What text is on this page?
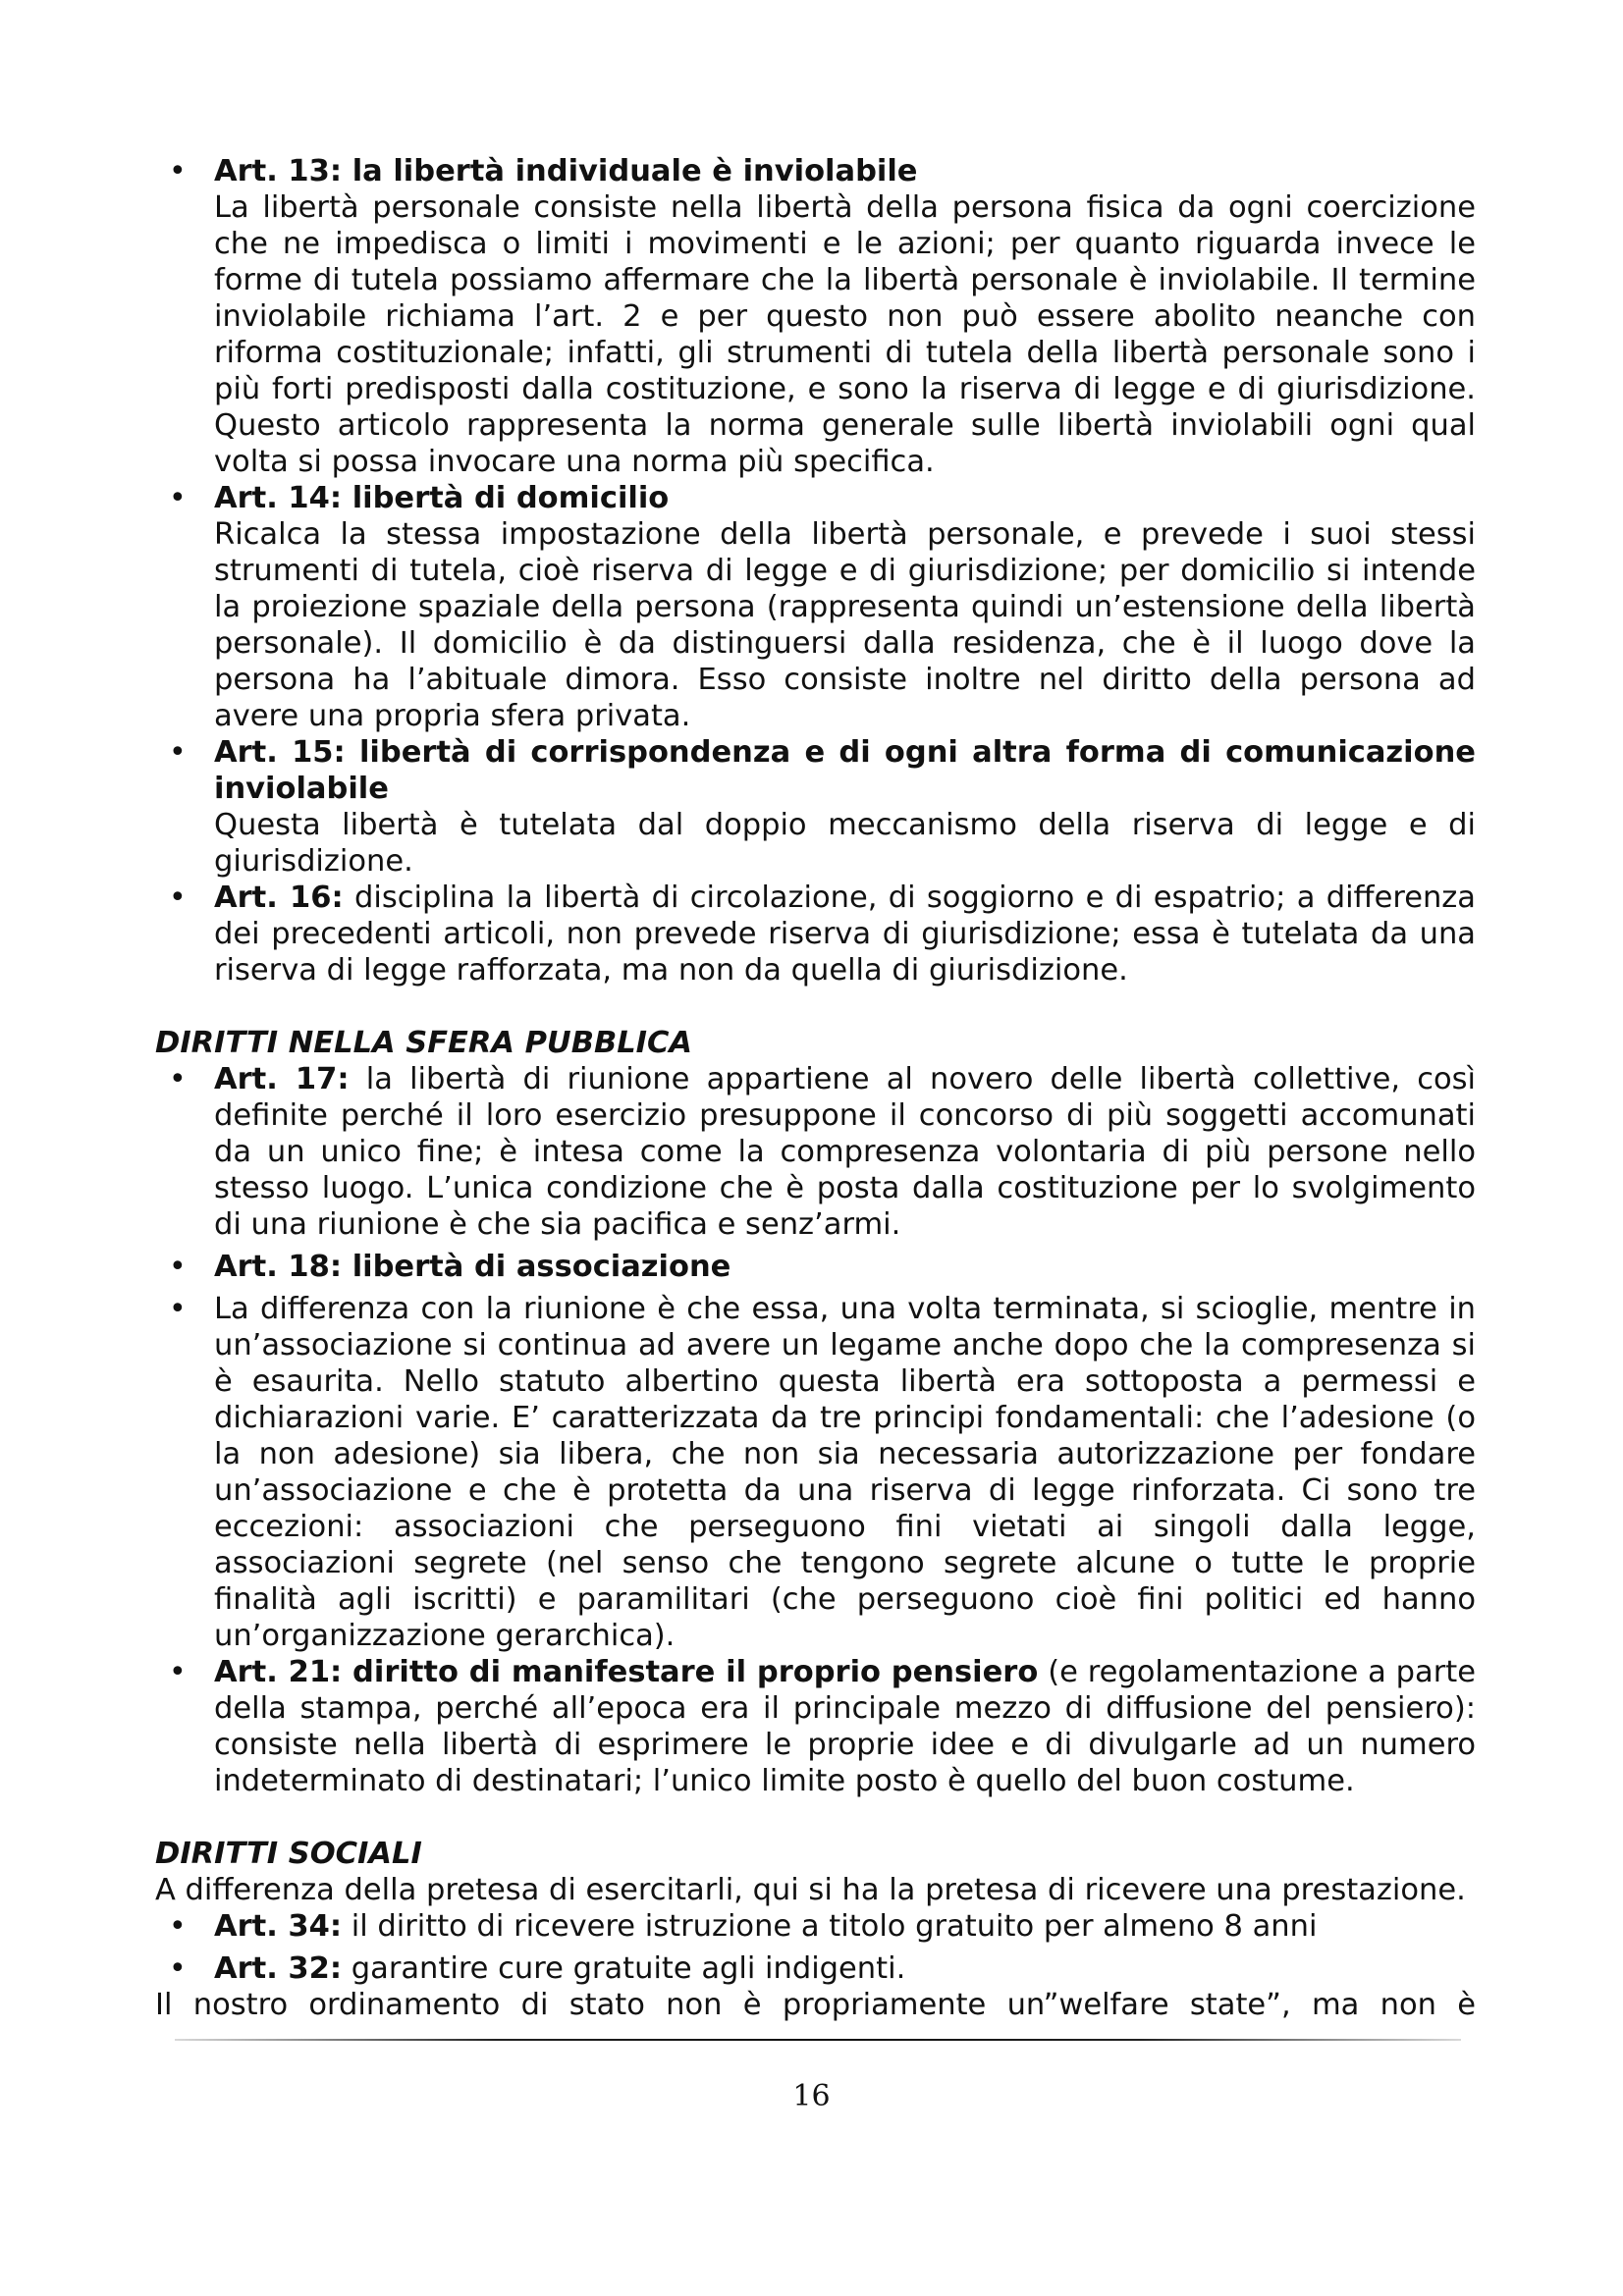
• Art. 13: la libertà individuale è inviolabile
La libertà personale consiste nella libertà della persona fisica da ogni coercizione che ne impedisca o limiti i movimenti e le azioni; per quanto riguarda invece le forme di tutela possiamo affermare che la libertà personale è inviolabile. Il termine inviolabile richiama l’art. 2 e per questo non può essere abolito neanche con riforma costituzionale; infatti, gli strumenti di tutela della libertà personale sono i più forti predisposti dalla costituzione, e sono la riserva di legge e di giurisdizione. Questo articolo rappresenta la norma generale sulle libertà inviolabili ogni qual volta si possa invocare una norma più specifica.
• Art. 14: libertà di domicilio
Ricalca la stessa impostazione della libertà personale, e prevede i suoi stessi strumenti di tutela, cioè riserva di legge e di giurisdizione; per domicilio si intende la proiezione spaziale della persona (rappresenta quindi un’estensione della libertà personale). Il domicilio è da distinguersi dalla residenza, che è il luogo dove la persona ha l’abituale dimora. Esso consiste inoltre nel diritto della persona ad avere una propria sfera privata.
• Art. 15: libertà di corrispondenza e di ogni altra forma di comunicazione inviolabile
Questa libertà è tutelata dal doppio meccanismo della riserva di legge e di giurisdizione.
• Art. 16: disciplina la libertà di circolazione, di soggiorno e di espatrio; a differenza dei precedenti articoli, non prevede riserva di giurisdizione; essa è tutelata da una riserva di legge rafforzata, ma non da quella di giurisdizione.
DIRITTI NELLA SFERA PUBBLICA
• Art. 17: la libertà di riunione appartiene al novero delle libertà collettive, così definite perché il loro esercizio presuppone il concorso di più soggetti accomunati da un unico fine; è intesa come la compresenza volontaria di più persone nello stesso luogo. L’unica condizione che è posta dalla costituzione per lo svolgimento di una riunione è che sia pacifica e senz’armi.
• Art. 18: libertà di associazione
• La differenza con la riunione è che essa, una volta terminata, si scioglie, mentre in un’associazione si continua ad avere un legame anche dopo che la compresenza si è esaurita. Nello statuto albertino questa libertà era sottoposta a permessi e dichiarazioni varie. E’ caratterizzata da tre principi fondamentali: che l’adesione (o la non adesione) sia libera, che non sia necessaria autorizzazione per fondare un’associazione e che è protetta da una riserva di legge rinforzata. Ci sono tre eccezioni: associazioni che perseguono fini vietati ai singoli dalla legge, associazioni segrete (nel senso che tengono segrete alcune o tutte le proprie finalità agli iscritti) e paramilitari (che perseguono cioè fini politici ed hanno un’organizzazione gerarchica).
• Art. 21: diritto di manifestare il proprio pensiero (e regolamentazione a parte della stampa, perché all’epoca era il principale mezzo di diffusione del pensiero): consiste nella libertà di esprimere le proprie idee e di divulgarle ad un numero indeterminato di destinatari; l’unico limite posto è quello del buon costume.
DIRITTI SOCIALI
A differenza della pretesa di esercitarli, qui si ha la pretesa di ricevere una prestazione.
• Art. 34: il diritto di ricevere istruzione a titolo gratuito per almeno 8 anni
• Art. 32: garantire cure gratuite agli indigenti.
Il nostro ordinamento di stato non è propriamente un”welfare state”, ma non è
16
